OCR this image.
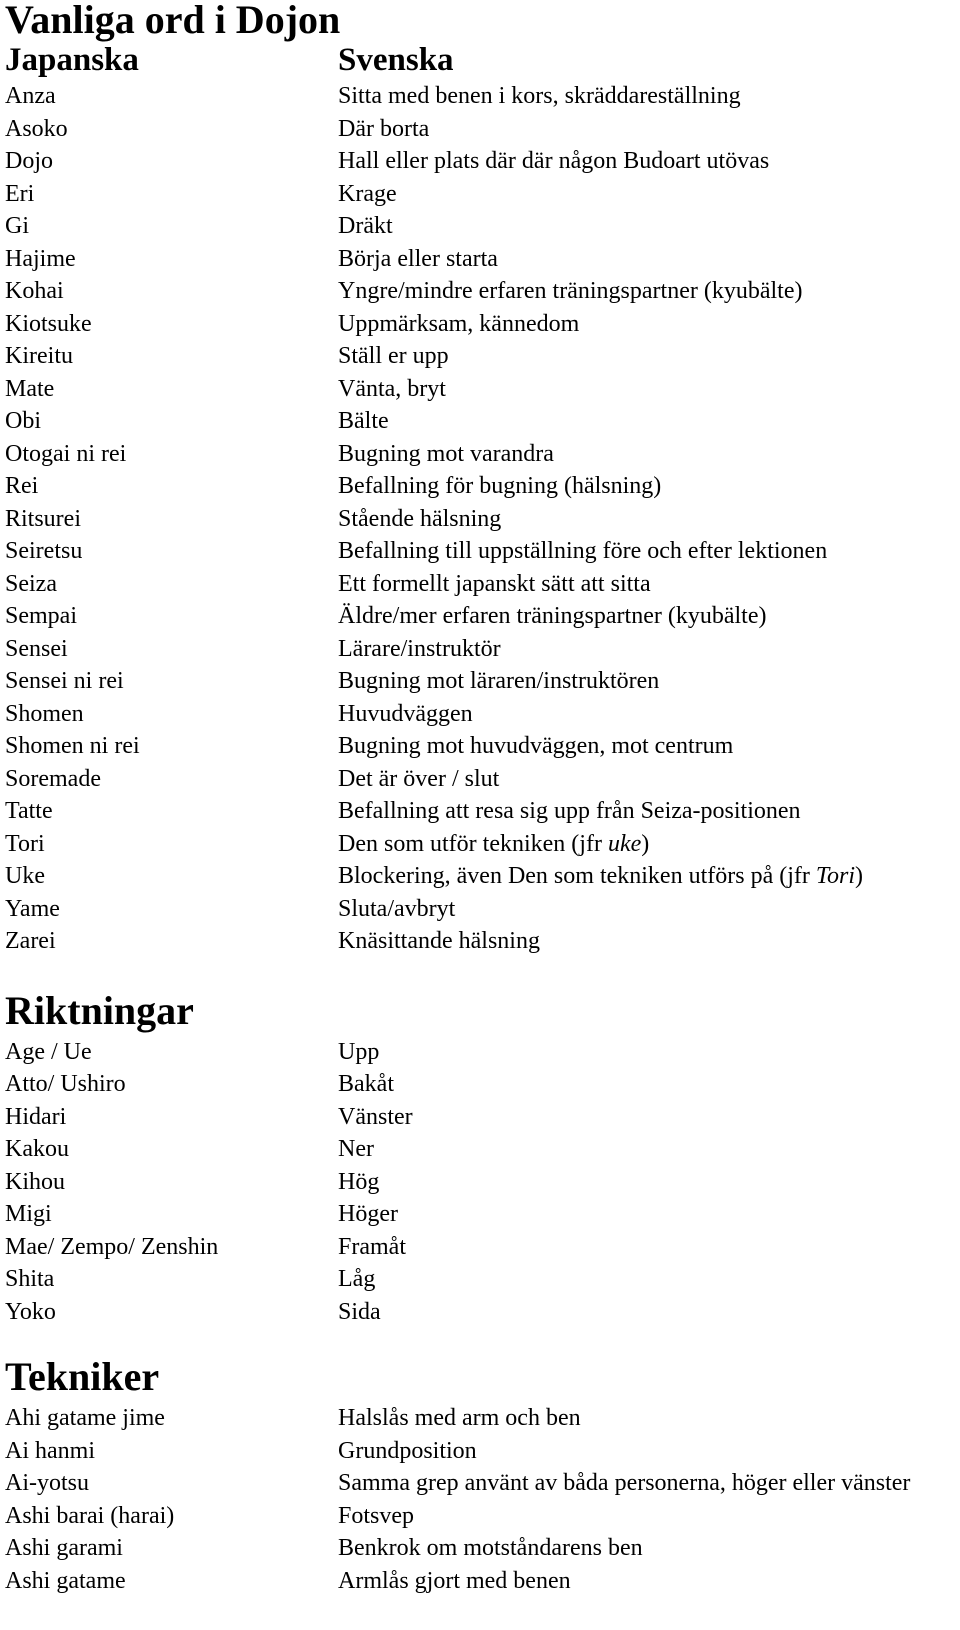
Vanliga ord i Dojon
Japanska	Svenska
Anza	Sitta med benen i kors, skräddareställning
Asoko	Där borta
Dojo	Hall eller plats där där någon Budoart utövas
Eri	Krage
Gi	Dräkt
Hajime	Börja eller starta
Kohai	Yngre/mindre erfaren träningspartner (kyubälte)
Kiotsuke	Uppmärksam, kännedom
Kireitu	Ställ er upp
Mate	Vänta, bryt
Obi	Bälte
Otogai ni rei	Bugning mot varandra
Rei	Befallning för bugning (hälsning)
Ritsurei	Stående hälsning
Seiretsu	Befallning till uppställning före och efter lektionen
Seiza	Ett formellt japanskt sätt att sitta
Sempai	Äldre/mer erfaren träningspartner (kyubälte)
Sensei	Lärare/instruktör
Sensei ni rei	Bugning mot läraren/instruktören
Shomen	Huvudväggen
Shomen ni rei	Bugning mot huvudväggen, mot centrum
Soremade	Det är över / slut
Tatte	Befallning att resa sig upp från Seiza-positionen
Tori	Den som utför tekniken (jfr uke)
Uke	Blockering, även Den som tekniken utförs på (jfr Tori)
Yame	Sluta/avbryt
Zarei	Knäsittande hälsning
Riktningar
Age / Ue	Upp
Atto/ Ushiro	Bakåt
Hidari	Vänster
Kakou	Ner
Kihou	Hög
Migi	Höger
Mae/ Zempo/ Zenshin	Framåt
Shita	Låg
Yoko	Sida
Tekniker
Ahi gatame jime	Halslås med arm och ben
Ai hanmi	Grundposition
Ai-yotsu	Samma grep använt av båda personerna, höger eller vänster
Ashi barai (harai)	Fotsvep
Ashi garami	Benkrok om motståndarens ben
Ashi gatame	Armlås gjort med benen
